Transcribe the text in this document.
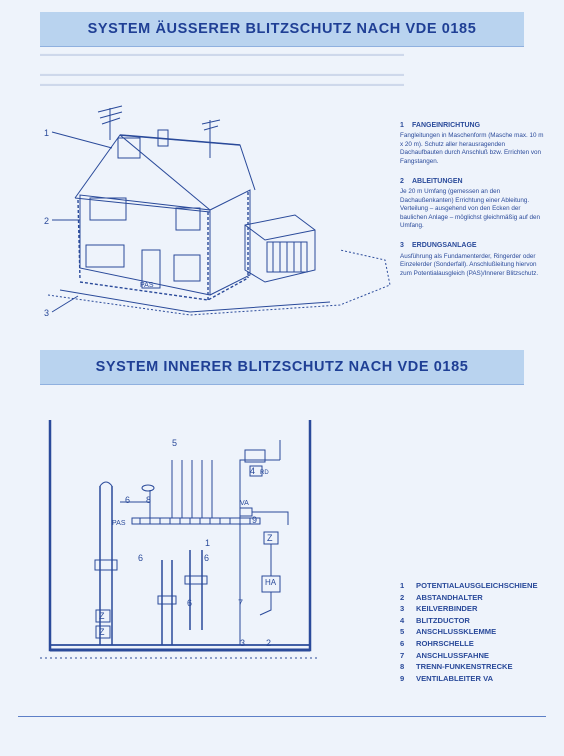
▬▬▬▬▬▬▬▬▬▬▬▬▬▬▬▬▬▬▬▬▬▬▬▬▬▬▬▬▬▬▬▬▬▬▬▬▬▬▬▬▬▬▬▬▬▬▬▬▬▬▬▬

▬▬▬▬▬▬▬▬▬▬▬▬▬▬▬▬▬▬▬▬▬▬▬▬▬▬▬▬▬▬▬▬▬▬▬▬▬▬▬▬▬▬▬▬▬▬▬▬▬▬▬▬
▬▬▬▬▬▬▬▬▬▬▬▬▬▬▬▬▬▬▬▬▬▬▬▬▬▬▬▬▬▬▬▬▬▬▬▬▬▬▬▬▬▬▬▬▬▬▬▬▬▬▬▬
SYSTEM ÄUSSERER BLITZSCHUTZ NACH VDE 0185
1
2
3
PAS
1 FANGEINRICHTUNG
Fangleitungen in Maschenform (Masche max. 10 m x 20 m). Schutz aller herausragenden Dachaufbauten durch Anschluß bzw. Errichten von Fangstangen.
2 ABLEITUNGEN
Je 20 m Umfang (gemessen an den Dachaußenkanten) Errichtung einer Ableitung. Verteilung – ausgehend von den Ecken der baulichen Anlage – möglichst gleichmäßig auf den Umfang.
3 ERDUNGSANLAGE
Ausführung als Fundamenterder, Ringerder oder Einzelerder (Sonderfall). Anschlußleitung hiervon zum Potentialausgleich (PAS)/Innerer Blitzschutz.
SYSTEM INNERER BLITZSCHUTZ NACH VDE 0185
PAS
HA
VA
Z
Z
Z
RD
5
4
6 8
9
1
6	6
6	7
3 2
1	POTENTIALAUSGLEICHSCHIENE
2	ABSTANDHALTER
3	KEILVERBINDER
4	BLITZDUCTOR
5	ANSCHLUSSKLEMME
6	ROHRSCHELLE
7	ANSCHLUSSFAHNE
8	TRENN-FUNKENSTRECKE
9	VENTILABLEITER VA
